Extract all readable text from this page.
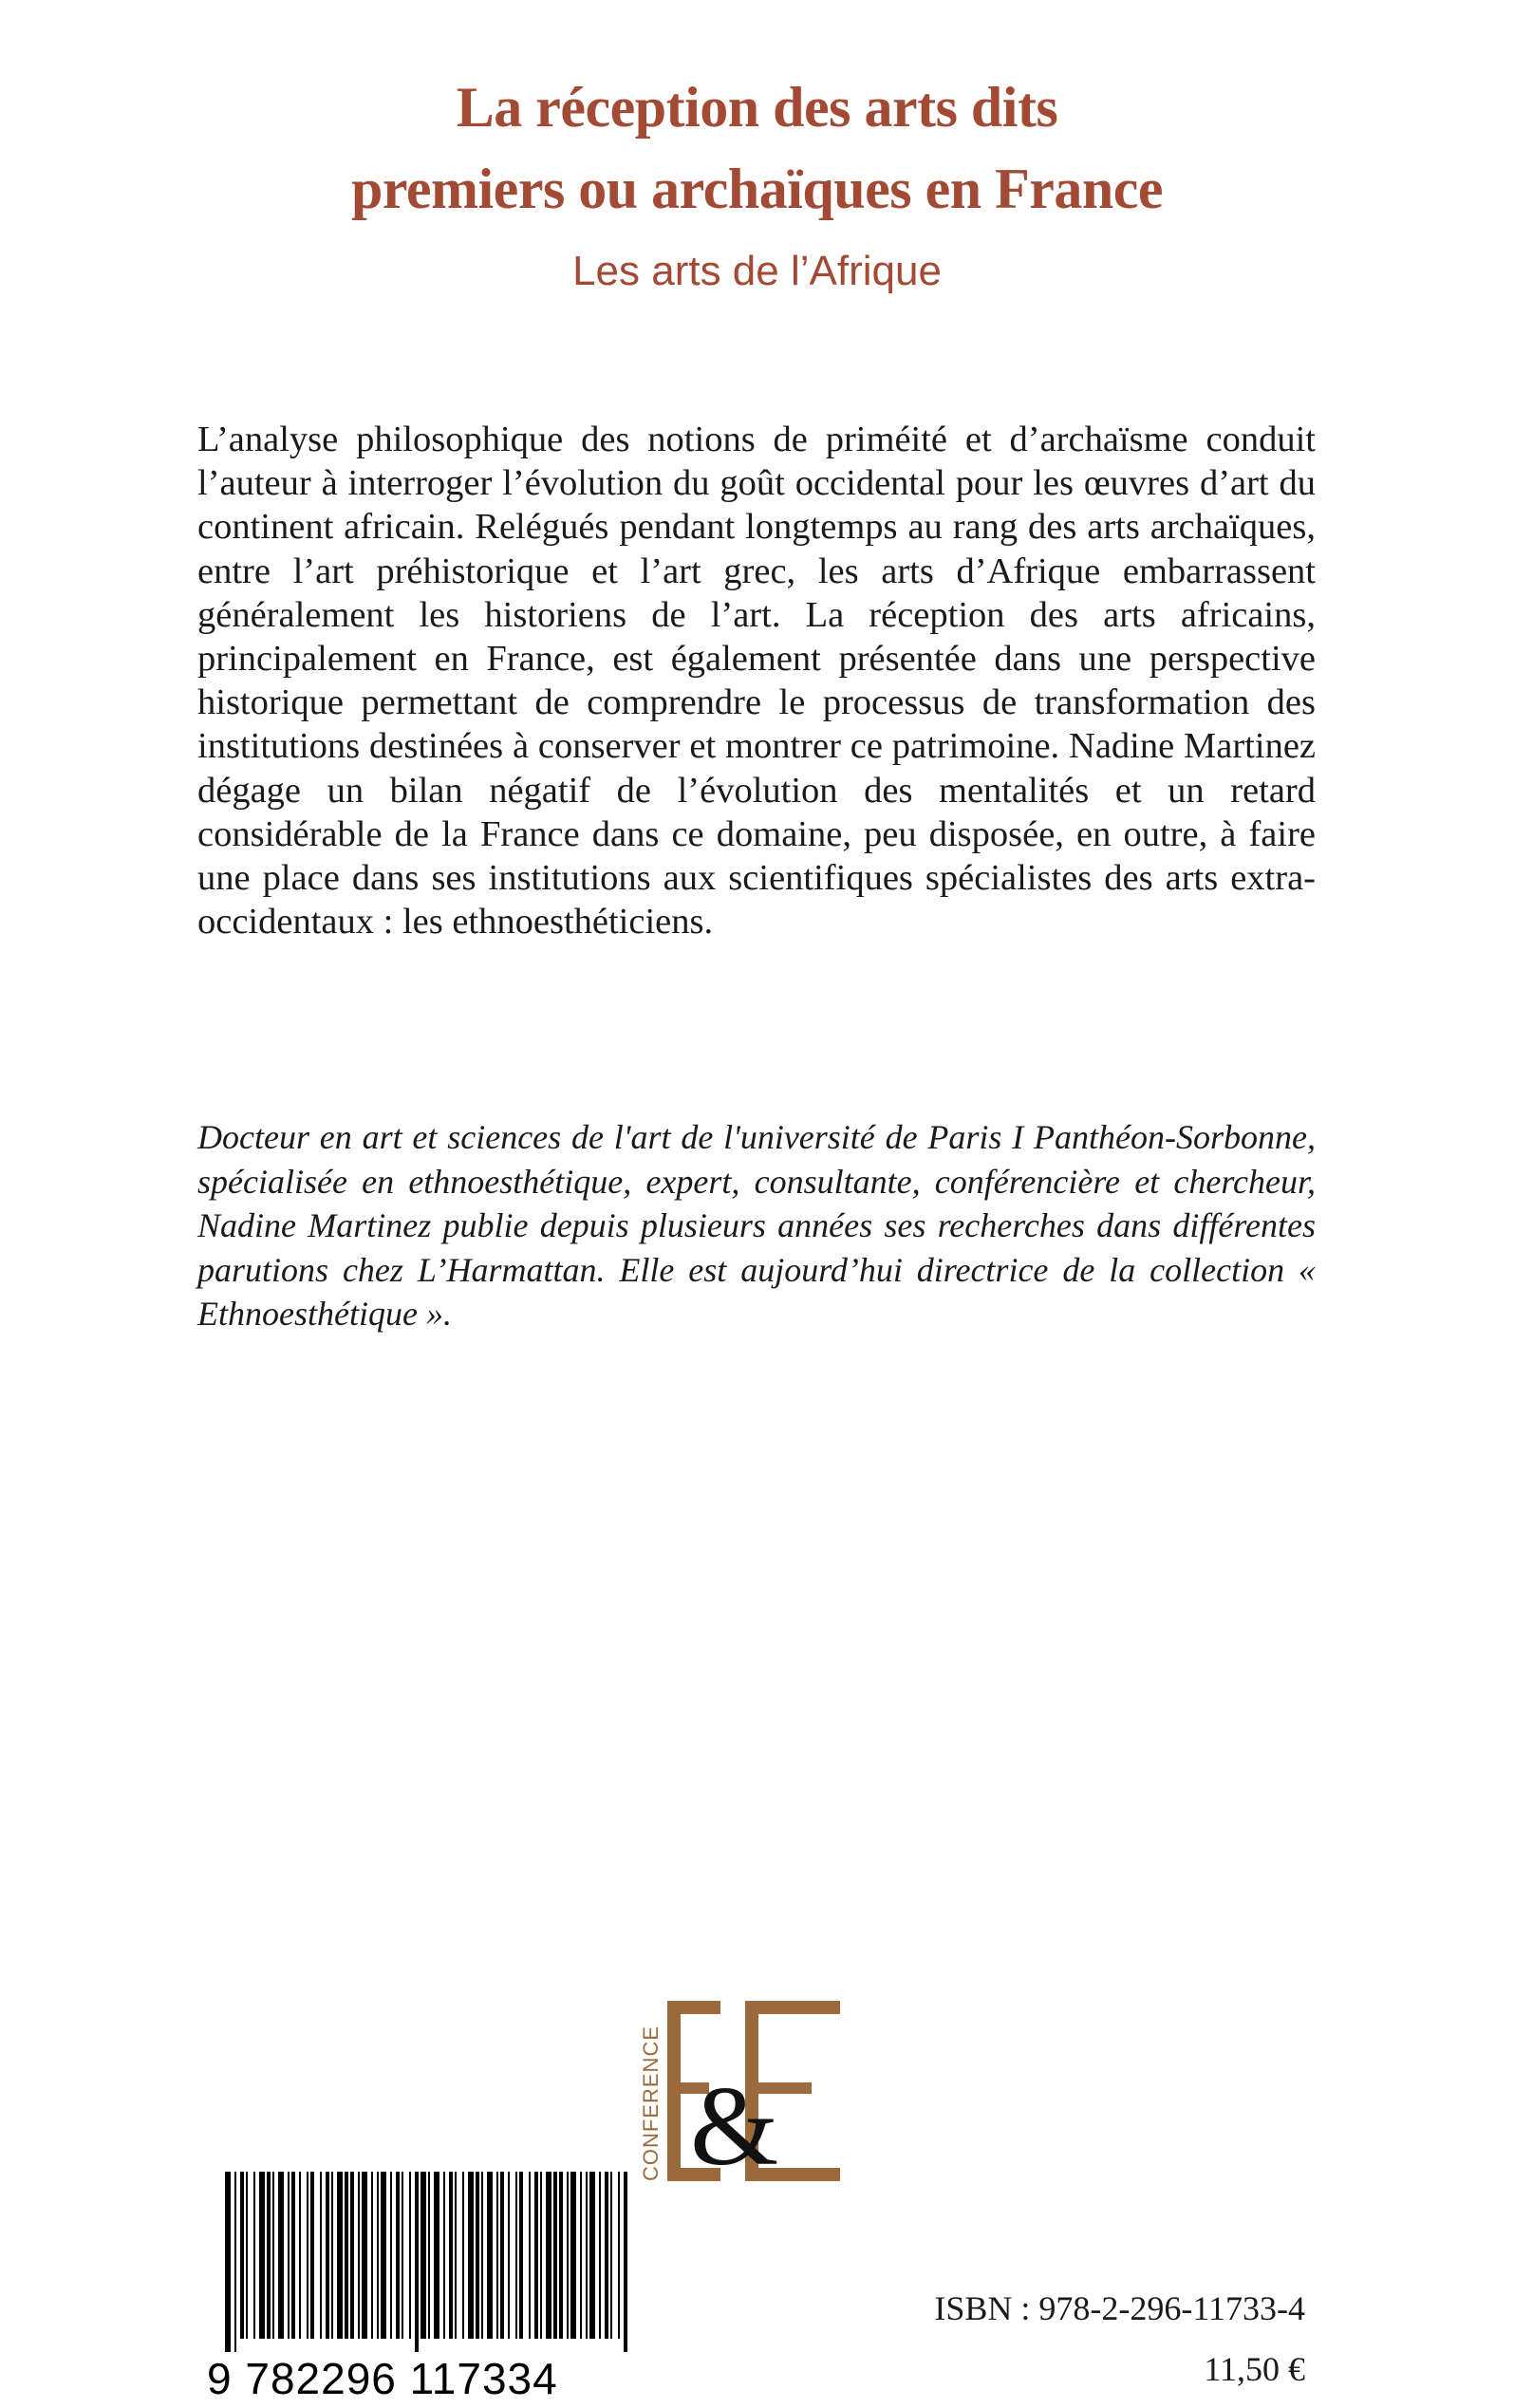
La réception des arts dits
premiers ou archaïques en France
Les arts de l’Afrique

L’analyse philosophique des notions de priméité et d’archaïsme conduit l’auteur à interroger l’évolution du goût occidental pour les œuvres d’art du continent africain. Relégués pendant longtemps au rang des arts archaïques, entre l’art préhistorique et l’art grec, les arts d’Afrique embarrassent généralement les historiens de l’art. La réception des arts africains, principalement en France, est également présentée dans une perspective historique permettant de comprendre le processus de transformation des institutions destinées à conserver et montrer ce patrimoine. Nadine Martinez dégage un bilan négatif de l’évolution des mentalités et un retard considérable de la France dans ce domaine, peu disposée, en outre, à faire une place dans ses institutions aux scientifiques spécialistes des arts extra-occidentaux : les ethnoesthéticiens.

Docteur en art et sciences de l'art de l'université de Paris I Panthéon-Sorbonne, spécialisée en ethnoesthétique, expert, consultante, conférencière et chercheur, Nadine Martinez publie depuis plusieurs années ses recherches dans différentes parutions chez L’Harmattan. Elle est aujourd’hui directrice de la collection « Ethnoesthétique ».

CONFERENCE &
9 782296 117334
ISBN : 978-2-296-11733-4
11,50 €
